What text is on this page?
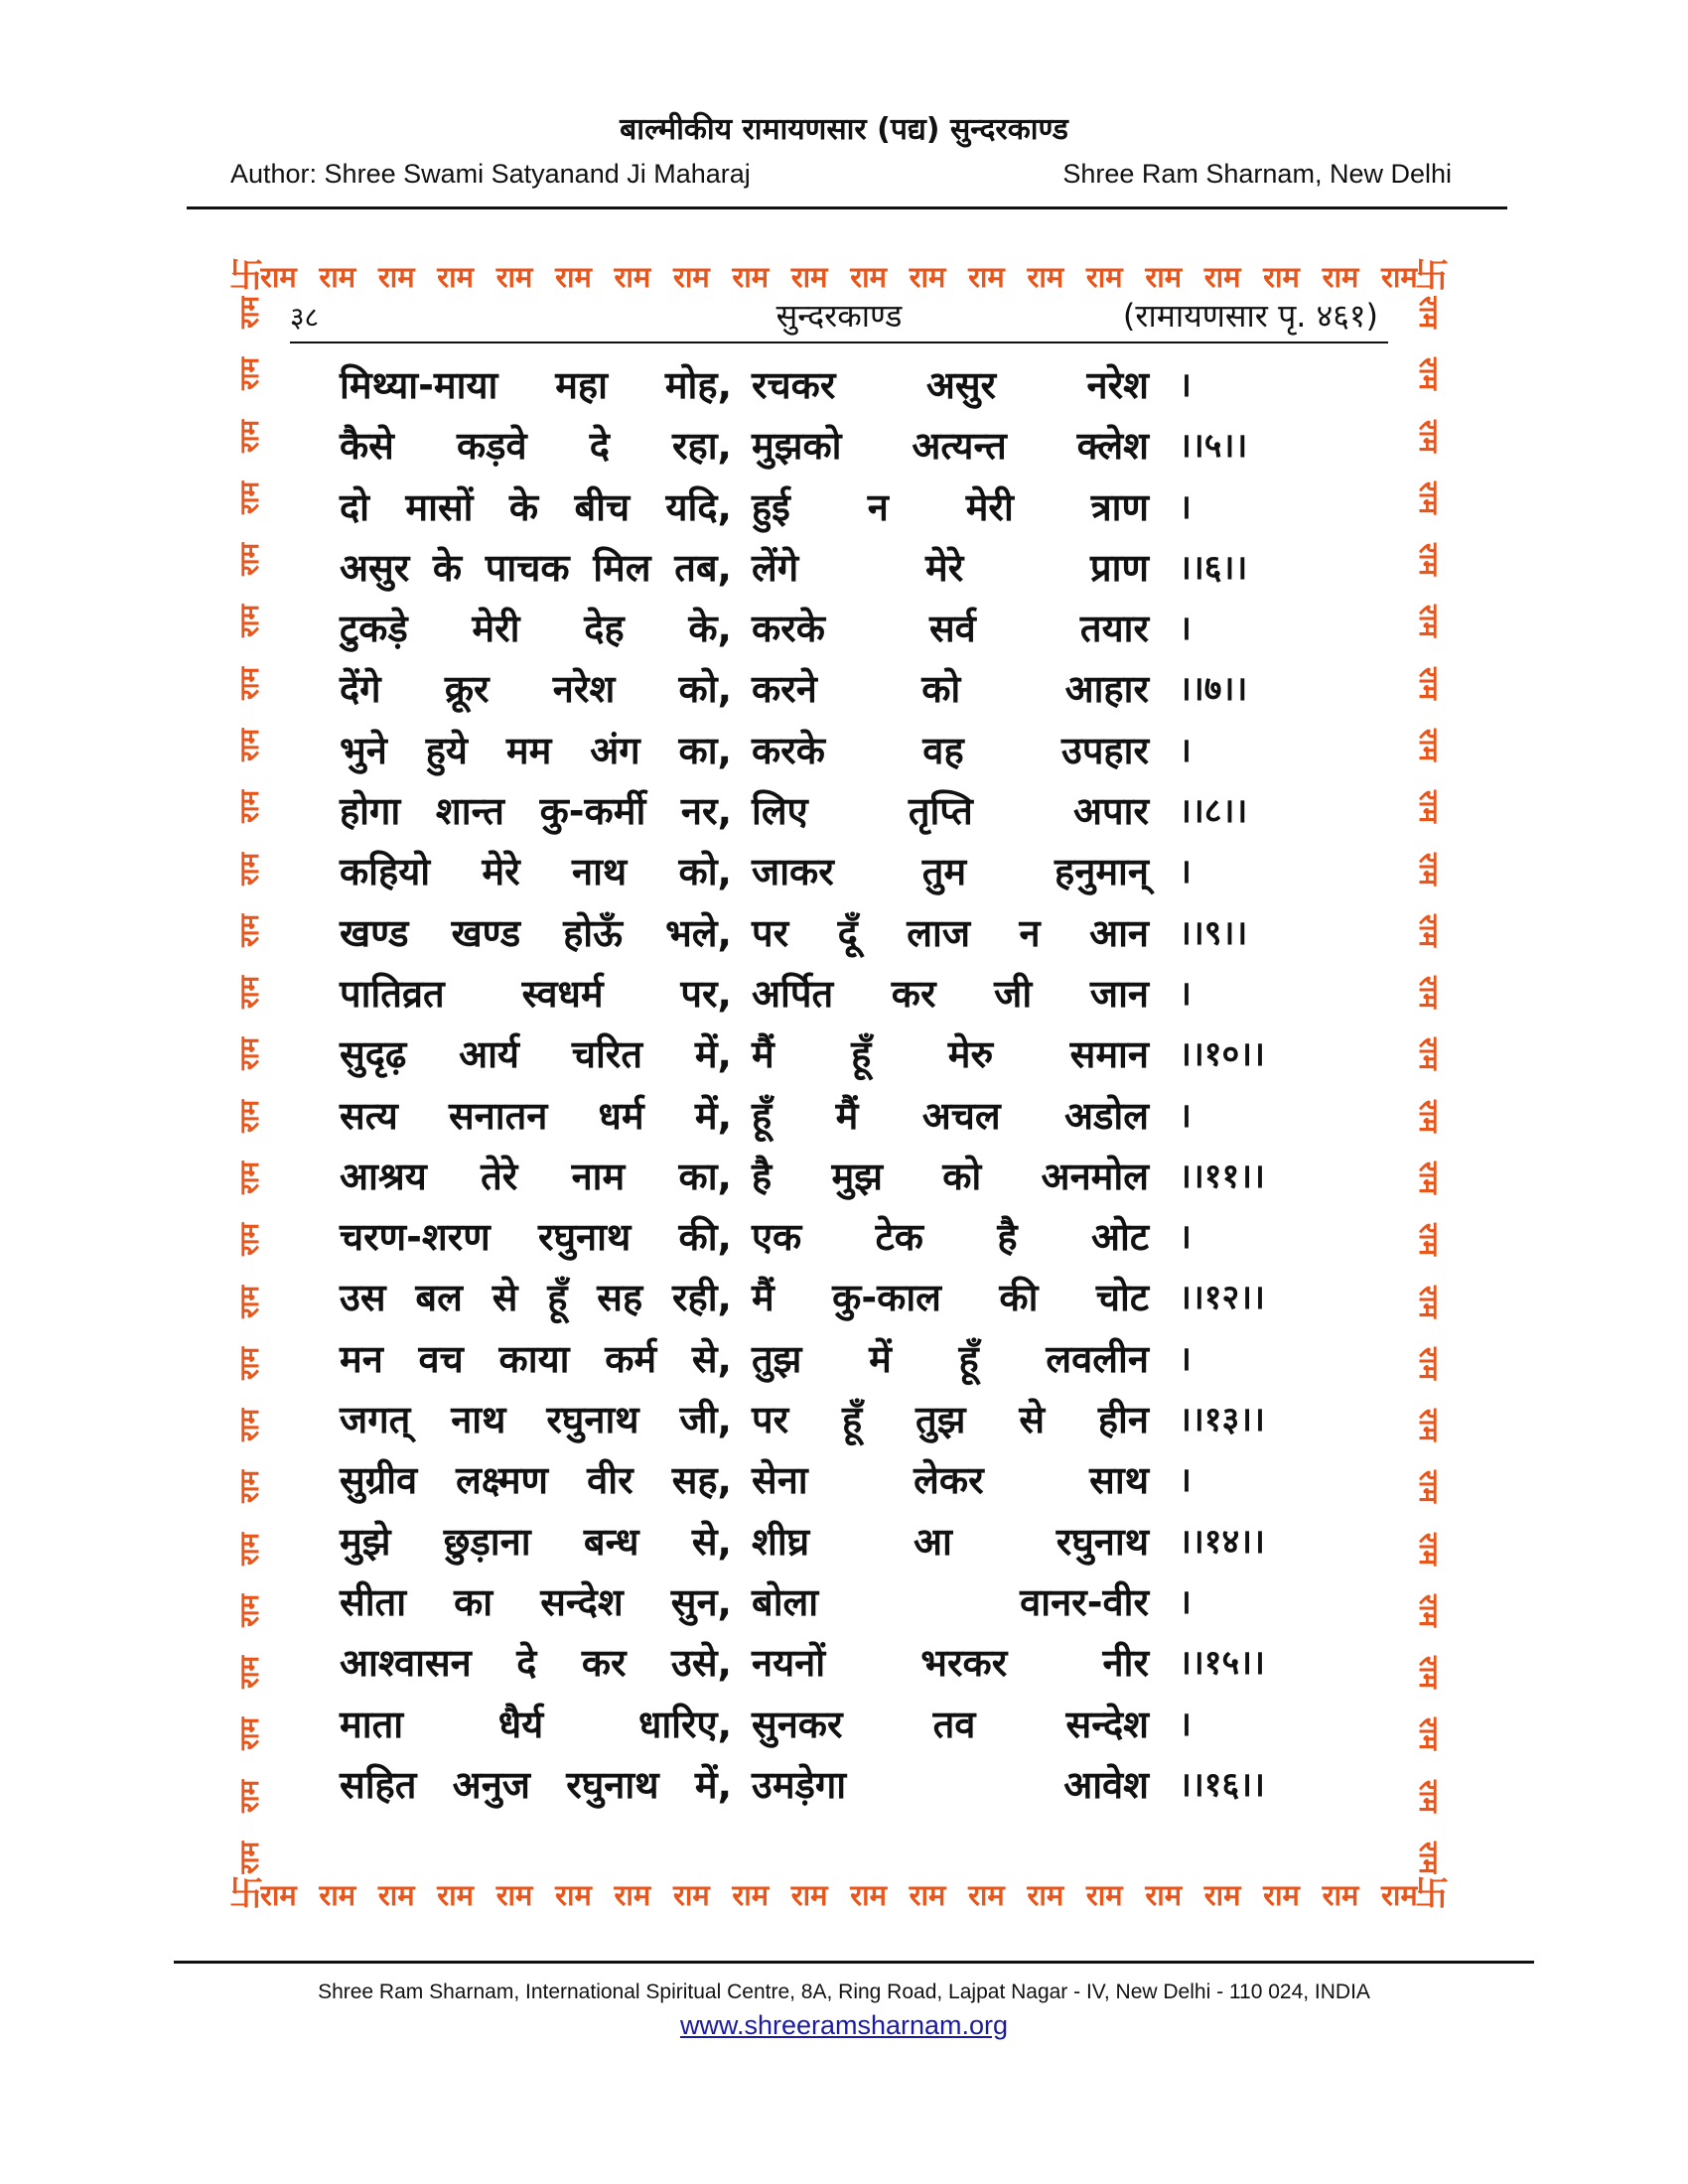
बाल्मीकीय रामायणसार (पद्य) सुन्दरकाण्ड
Author: Shree Swami Satyanand Ji Maharaj	Shree Ram Sharnam, New Delhi
卐	卐
卐	卐
राम राम राम राम राम राम राम राम राम राम राम राम राम राम राम राम राम राम राम राम
राम राम राम राम राम राम राम राम राम राम राम राम राम राम राम राम राम राम राम राम
राम
राम
राम
राम
राम
राम
राम
राम
राम
राम
राम
राम
राम
राम
राम
राम
राम
राम
राम
राम
राम
राम
राम
राम
राम
राम
राम
राम
राम
राम
राम
राम
राम
राम
राम
राम
राम
राम
राम
राम
राम
राम
राम
राम
राम
राम
राम
राम
राम
राम
राम
राम
३८	सुन्दरकाण्ड	(रामायणसार पृ. ४६१)
मिथ्या-माया महा मोह, रचकर असुर नरेश ।
कैसे कड़वे दे रहा, मुझको अत्यन्त क्लेश ।।५।।
दो मासों के बीच यदि, हुई न मेरी त्राण ।
असुर के पाचक मिल तब, लेंगे मेरे प्राण ।।६।।
टुकड़े मेरी देह के, करके सर्व तयार ।
देंगे क्रूर नरेश को, करने को आहार ।।७।।
भुने हुये मम अंग का, करके वह उपहार ।
होगा शान्त कु-कर्मी नर, लिए तृप्ति अपार ।।८।।
कहियो मेरे नाथ को, जाकर तुम हनुमान् ।
खण्ड खण्ड होऊँ भले, पर दूँ लाज न आन ।।९।।
पातिव्रत स्वधर्म पर, अर्पित कर जी जान ।
सुदृढ़ आर्य चरित में, मैं हूँ मेरु समान ।।१०।।
सत्य सनातन धर्म में, हूँ मैं अचल अडोल ।
आश्रय तेरे नाम का, है मुझ को अनमोल ।।११।।
चरण-शरण रघुनाथ की, एक टेक है ओट ।
उस बल से हूँ सह रही, मैं कु-काल की चोट ।।१२।।
मन वच काया कर्म से, तुझ में हूँ लवलीन ।
जगत् नाथ रघुनाथ जी, पर हूँ तुझ से हीन ।।१३।।
सुग्रीव लक्ष्मण वीर सह, सेना लेकर साथ ।
मुझे छुड़ाना बन्ध से, शीघ्र आ रघुनाथ ।।१४।।
सीता का सन्देश सुन, बोला वानर-वीर ।
आश्वासन दे कर उसे, नयनों भरकर नीर ।।१५।।
माता धैर्य धारिए, सुनकर तव सन्देश ।
सहित अनुज रघुनाथ में, उमड़ेगा आवेश ।।१६।।
Shree Ram Sharnam, International Spiritual Centre, 8A, Ring Road, Lajpat Nagar - IV, New Delhi - 110 024, INDIA
www.shreeramsharnam.org
